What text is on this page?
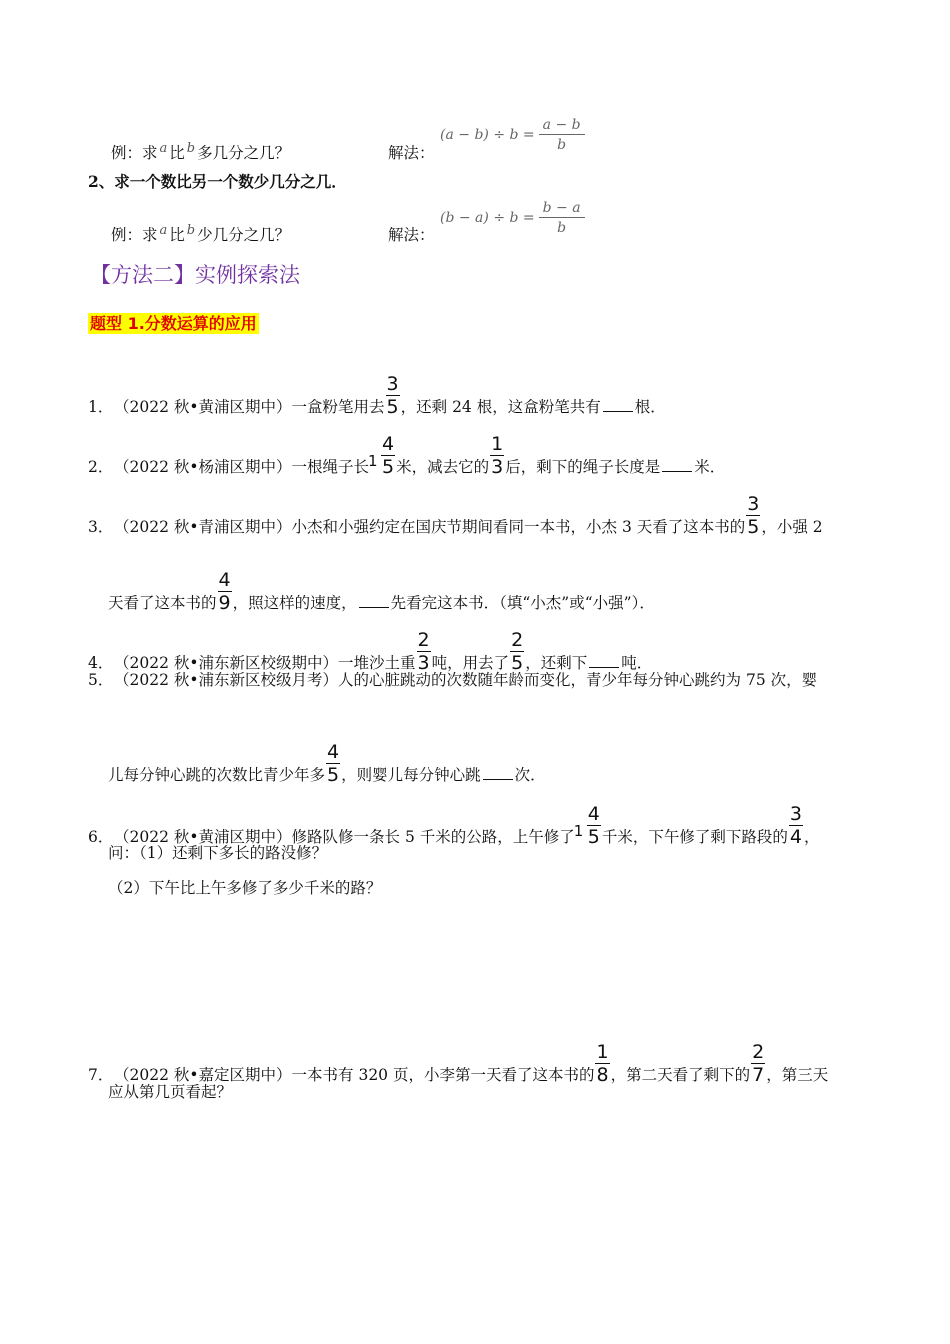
例：求 $^a$ 比 $^b$ 多几分之几？	解法：
$(a - b) \div b = \frac{a - b}{b}$
2、求一个数比另一个数少几分之几．
例：求 $^a$ 比 $^b$ 少几分之几？	解法：
$(b - a) \div b = \frac{b - a}{b}$
【方法二】实例探索法
题型 1.分数运算的应用
1．（2022 秋•黄浦区期中）一盒粉笔用去 $\frac{3}{5}$ ，还剩 24 根，这盒粉笔共有 根．
2．（2022 秋•杨浦区期中）一根绳子长 1
4
5 米，减去它的 $\frac{1}{3}$ 后，剩下的绳子长度是 米．
3．（2022 秋•青浦区期中）小杰和小强约定在国庆节期间看同一本书，小杰 3 天看了这本书的 $\frac{3}{5}$ ，小强 2
天看了这本书的 $\frac{4}{9}$ ，照这样的速度， 先看完这本书．（填“小杰”或“小强”）．
4．（2022 秋•浦东新区校级期中）一堆沙土重 $\frac{2}{3}$ 吨，用去了 $\frac{2}{5}$ ，还剩下 吨．
5．（2022 秋•浦东新区校级月考）人的心脏跳动的次数随年龄而变化，青少年每分钟心跳约为 75 次，婴
儿每分钟心跳的次数比青少年多 $\frac{4}{5}$ ，则婴儿每分钟心跳 次．
6．（2022 秋•黄浦区期中）修路队修一条长 5 千米的公路，上午修了 1
4
5 千米，下午修了剩下路段的 $\frac{3}{4}$ ，
问：（1）还剩下多长的路没修？
（2）下午比上午多修了多少千米的路？
7．（2022 秋•嘉定区期中）一本书有 320 页，小李第一天看了这本书的 $\frac{1}{8}$ ，第二天看了剩下的 $\frac{2}{7}$ ，第三天
应从第几页看起？
